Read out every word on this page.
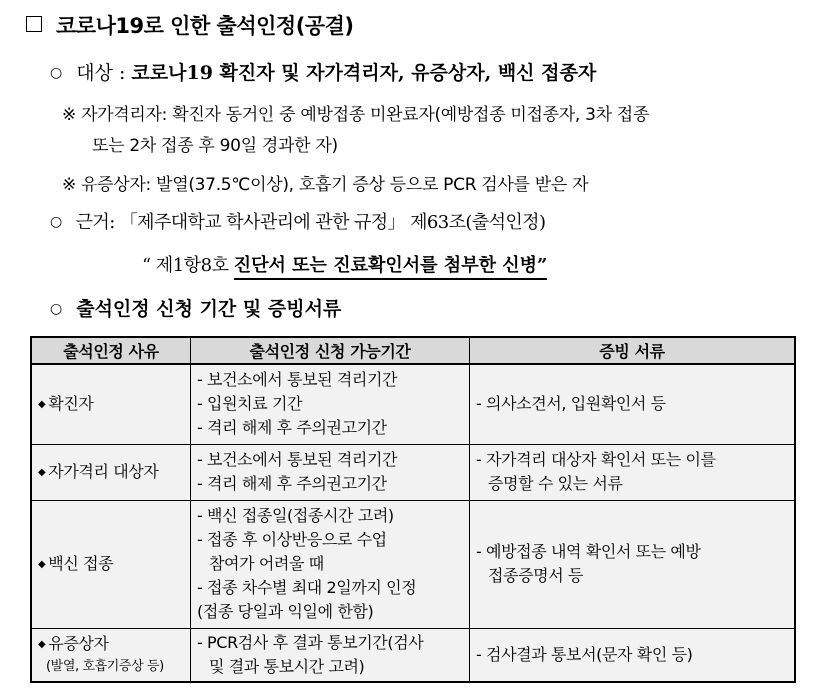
코로나19로 인한 출석인정(공결)
○ 대상 : 코로나19 확진자 및 자가격리자, 유증상자, 백신 접종자
※ 자가격리자: 확진자 동거인 중 예방접종 미완료자(예방접종 미접종자, 3차 접종
또는 2차 접종 후 90일 경과한 자)
※ 유증상자: 발열(37.5℃이상), 호흡기 증상 등으로 PCR 검사를 받은 자
○ 근거: 「제주대학교 학사관리에 관한 규정」 제63조(출석인정)
“ 제1항8호 진단서 또는 진료확인서를 첨부한 신병”
○ 출석인정 신청 기간 및 증빙서류
출석인정 사유	출석인정 신청 가능기간	증빙 서류
◆ 확진자	- 보건소에서 통보된 격리기간
- 입원치료 기간
- 격리 해제 후 주의권고기간	- 의사소견서, 입원확인서 등
◆ 자가격리 대상자	- 보건소에서 통보된 격리기간
- 격리 해제 후 주의권고기간	- 자가격리 대상자 확인서 또는 이를
증명할 수 있는 서류

◆ 백신 접종	- 백신 접종일(접종시간 고려)
- 접종 후 이상반응으로 수업
참여가 어려울 때
- 접종 차수별 최대 2일까지 인정
(접종 당일과 익일에 한함)	- 예방접종 내역 확인서 또는 예방
접종증명서 등

◆ 유증상자
(발열, 호흡기증상 등)	- PCR검사 후 결과 통보기간(검사
및 결과 통보시간 고려)	- 검사결과 통보서(문자 확인 등)
